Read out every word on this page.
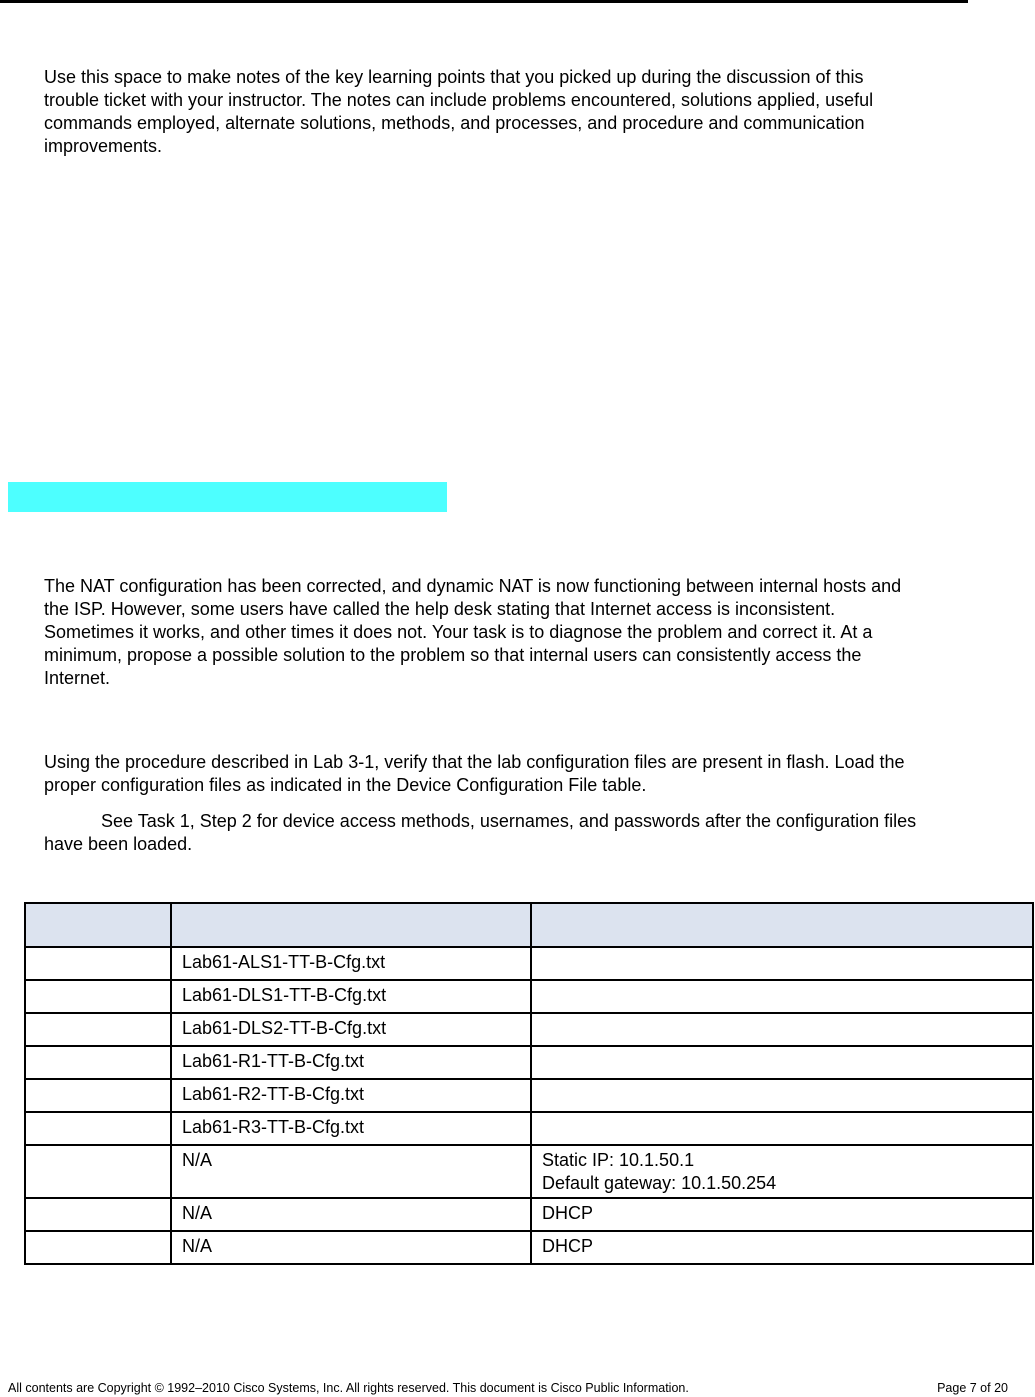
Use this space to make notes of the key learning points that you picked up during the discussion of this
trouble ticket with your instructor. The notes can include problems encountered, solutions applied, useful
commands employed, alternate solutions, methods, and processes, and procedure and communication
improvements.
The NAT configuration has been corrected, and dynamic NAT is now functioning between internal hosts and
the ISP. However, some users have called the help desk stating that Internet access is inconsistent.
Sometimes it works, and other times it does not. Your task is to diagnose the problem and correct it. At a
minimum, propose a possible solution to the problem so that internal users can consistently access the
Internet.
Using the procedure described in Lab 3-1, verify that the lab configuration files are present in flash. Load the
proper configuration files as indicated in the Device Configuration File table.
See Task 1, Step 2 for device access methods, usernames, and passwords after the configuration files
have been loaded.

	Lab61-ALS1-TT-B-Cfg.txt	
	Lab61-DLS1-TT-B-Cfg.txt	
	Lab61-DLS2-TT-B-Cfg.txt	
	Lab61-R1-TT-B-Cfg.txt	
	Lab61-R2-TT-B-Cfg.txt	
	Lab61-R3-TT-B-Cfg.txt	
	N/A	Static IP: 10.1.50.1
Default gateway: 10.1.50.254

	N/A	DHCP
	N/A	DHCP
All contents are Copyright © 1992–2010 Cisco Systems, Inc. All rights reserved. This document is Cisco Public Information.	Page 7 of 20
